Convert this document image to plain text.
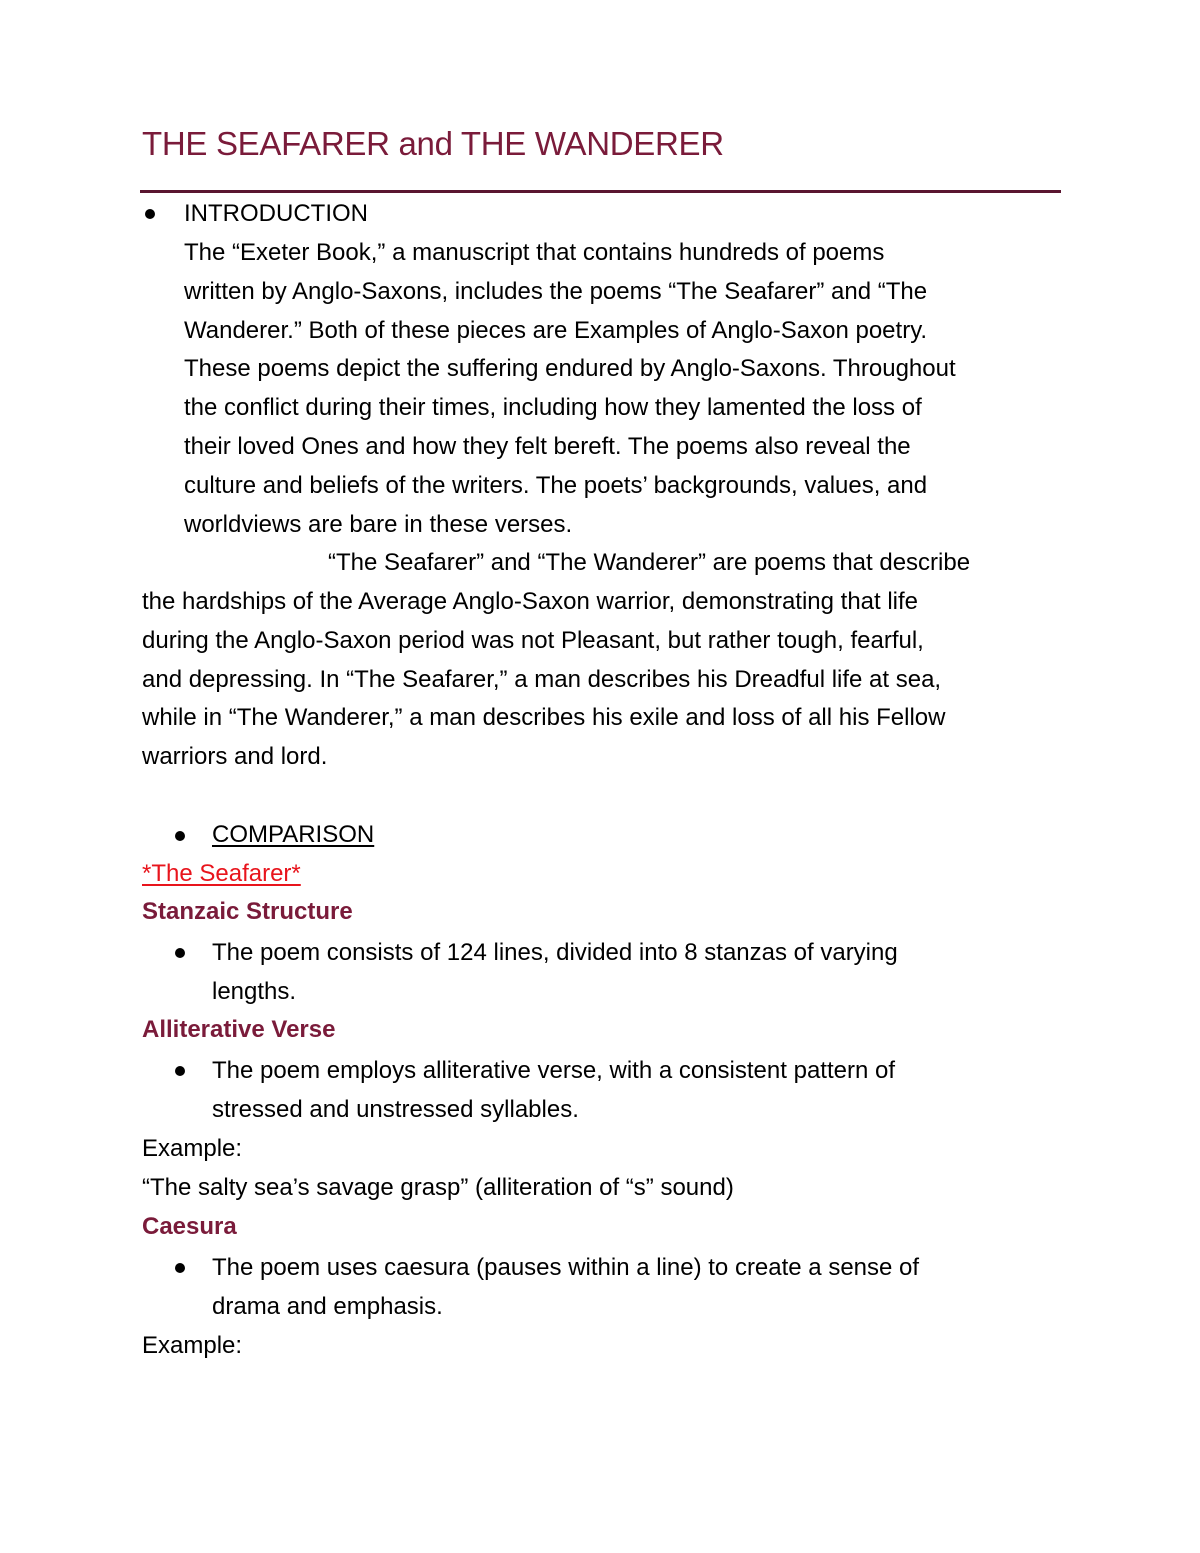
THE SEAFARER and THE WANDERER
INTRODUCTION
The “Exeter Book,” a manuscript that contains hundreds of poems
written by Anglo-Saxons, includes the poems “The Seafarer” and “The
Wanderer.” Both of these pieces are Examples of Anglo-Saxon poetry.
These poems depict the suffering endured by Anglo-Saxons. Throughout
the conflict during their times, including how they lamented the loss of
their loved Ones and how they felt bereft. The poems also reveal the
culture and beliefs of the writers. The poets’ backgrounds, values, and
worldviews are bare in these verses.
“The Seafarer” and “The Wanderer” are poems that describe
the hardships of the Average Anglo-Saxon warrior, demonstrating that life
during the Anglo-Saxon period was not Pleasant, but rather tough, fearful,
and depressing. In “The Seafarer,” a man describes his Dreadful life at sea,
while in “The Wanderer,” a man describes his exile and loss of all his Fellow
warriors and lord.
COMPARISON
*The Seafarer*
Stanzaic Structure
The poem consists of 124 lines, divided into 8 stanzas of varying
lengths.
Alliterative Verse
The poem employs alliterative verse, with a consistent pattern of
stressed and unstressed syllables.
Example:
“The salty sea’s savage grasp” (alliteration of “s” sound)
Caesura
The poem uses caesura (pauses within a line) to create a sense of
drama and emphasis.
Example:
